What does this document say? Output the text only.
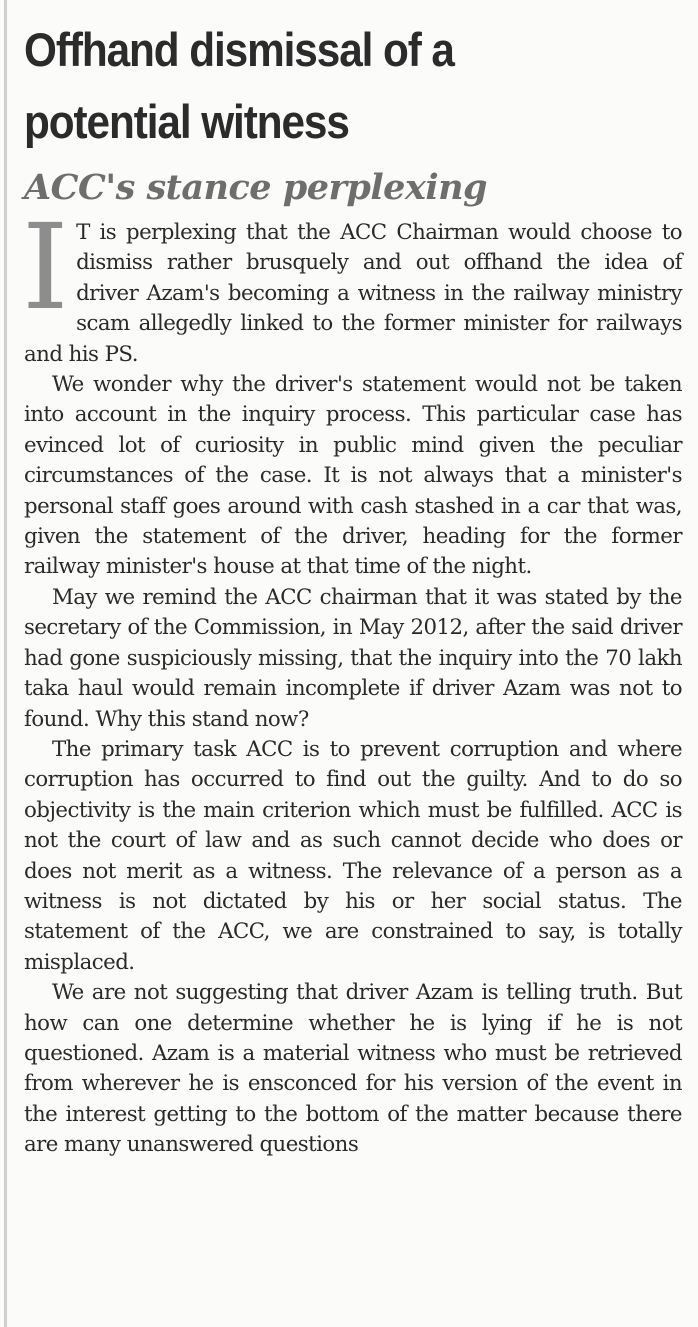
Offhand dismissal of a potential witness
ACC's stance perplexing

I T is perplexing that the ACC Chairman would choose to dismiss rather brusquely and out offhand the idea of driver Azam's becoming a witness in the railway ministry scam allegedly linked to the former minister for railways and his PS.

We wonder why the driver's statement would not be taken into account in the inquiry process. This particular case has evinced lot of curiosity in public mind given the peculiar circumstances of the case. It is not always that a minister's personal staff goes around with cash stashed in a car that was, given the statement of the driver, heading for the former railway minister's house at that time of the night.

May we remind the ACC chairman that it was stated by the secretary of the Commission, in May 2012, after the said driver had gone suspiciously missing, that the inquiry into the 70 lakh taka haul would remain incomplete if driver Azam was not to found. Why this stand now?

The primary task ACC is to prevent corruption and where corruption has occurred to find out the guilty. And to do so objectivity is the main criterion which must be fulfilled. ACC is not the court of law and as such cannot decide who does or does not merit as a witness. The relevance of a person as a witness is not dictated by his or her social status. The statement of the ACC, we are constrained to say, is totally misplaced.

We are not suggesting that driver Azam is telling truth. But how can one determine whether he is lying if he is not questioned. Azam is a material witness who must be retrieved from wherever he is ensconced for his version of the event in the interest getting to the bottom of the matter because there are many unanswered questions
